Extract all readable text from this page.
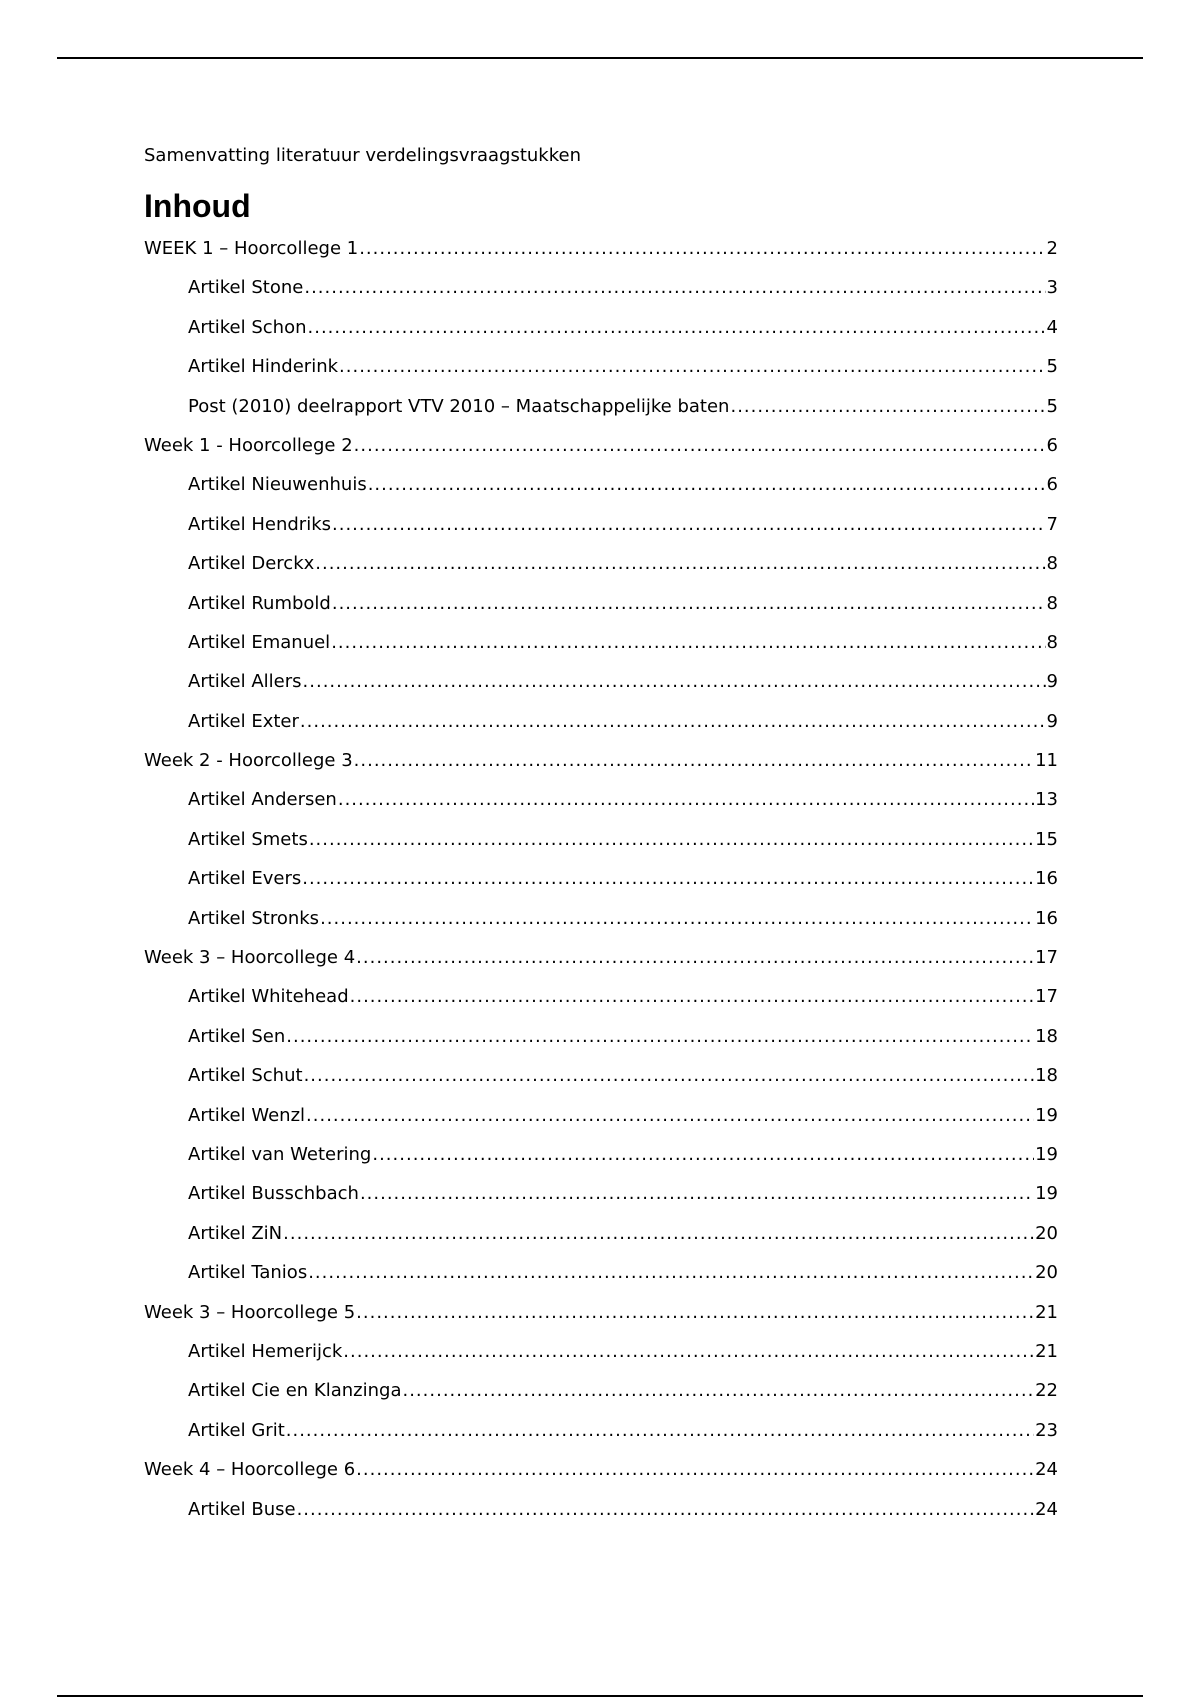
Samenvatting literatuur verdelingsvraagstukken

Inhoud
WEEK 1 – Hoorcollege 1 .....	2
Artikel Stone .....	3
Artikel Schon .....	4
Artikel Hinderink .....	5
Post (2010) deelrapport VTV 2010 – Maatschappelijke baten .....	5
Week 1 - Hoorcollege 2 .....	6
Artikel Nieuwenhuis .....	6
Artikel Hendriks .....	7
Artikel Derckx .....	8
Artikel Rumbold .....	8
Artikel Emanuel .....	8
Artikel Allers .....	9
Artikel Exter .....	9
Week 2 - Hoorcollege 3 .....	11
Artikel Andersen .....	13
Artikel Smets .....	15
Artikel Evers .....	16
Artikel Stronks .....	16
Week 3 – Hoorcollege 4 .....	17
Artikel Whitehead .....	17
Artikel Sen .....	18
Artikel Schut .....	18
Artikel Wenzl .....	19
Artikel van Wetering .....	19
Artikel Busschbach .....	19
Artikel ZiN .....	20
Artikel Tanios .....	20
Week 3 – Hoorcollege 5 .....	21
Artikel Hemerijck .....	21
Artikel Cie en Klanzinga .....	22
Artikel Grit .....	23
Week 4 – Hoorcollege 6 .....	24
Artikel Buse .....	24
